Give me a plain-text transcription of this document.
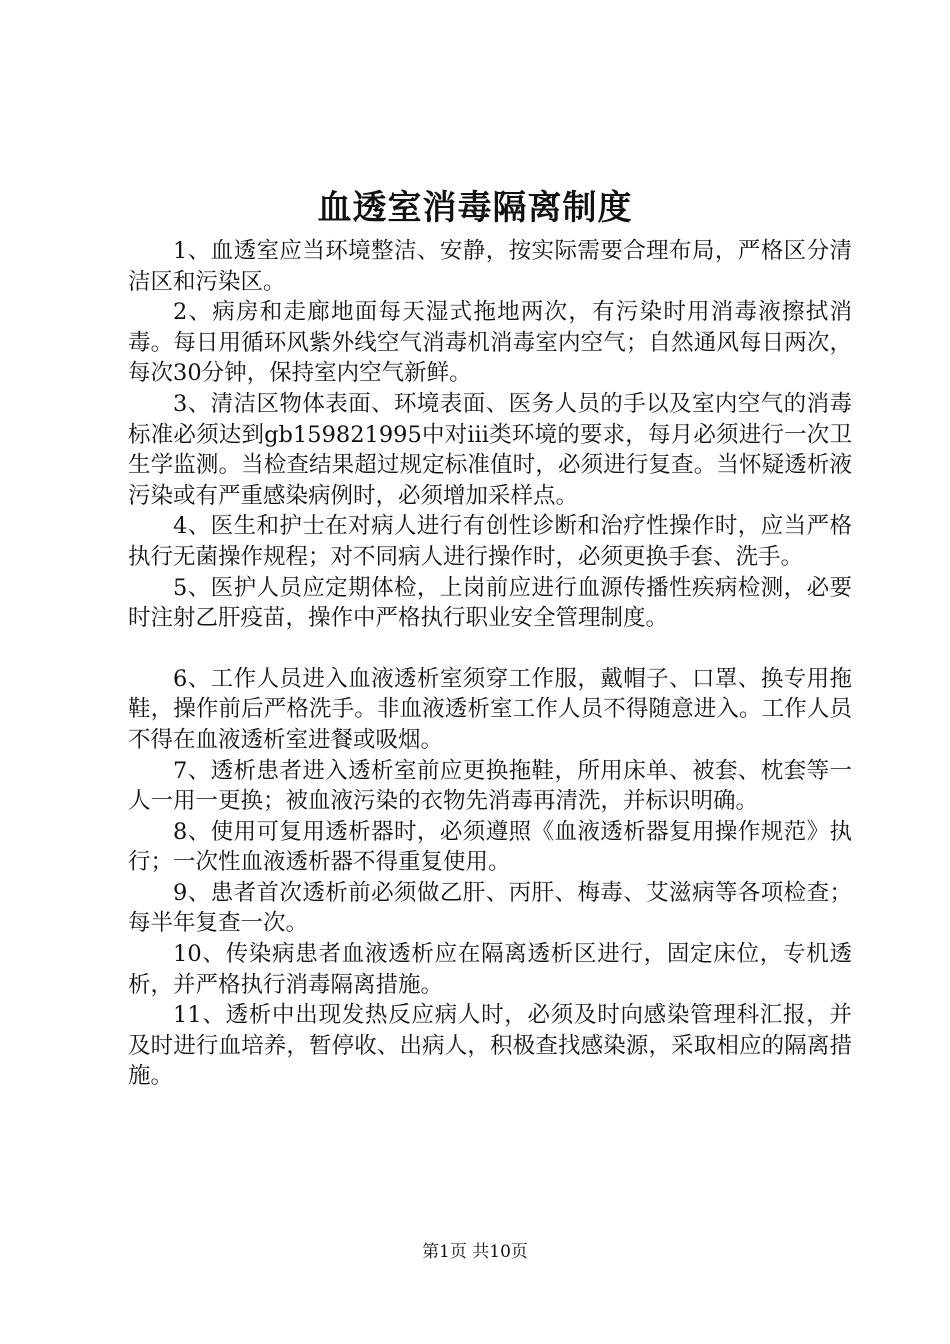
血透室消毒隔离制度

1、血透室应当环境整洁、安静，按实际需要合理布局，严格区分清洁区和污染区。

2、病房和走廊地面每天湿式拖地两次，有污染时用消毒液擦拭消毒。每日用循环风紫外线空气消毒机消毒室内空气；自然通风每日两次，每次30分钟，保持室内空气新鲜。

3、清洁区物体表面、环境表面、医务人员的手以及室内空气的消毒标准必须达到gb159821995中对iii类环境的要求，每月必须进行一次卫生学监测。当检查结果超过规定标准值时，必须进行复查。当怀疑透析液污染或有严重感染病例时，必须增加采样点。

4、医生和护士在对病人进行有创性诊断和治疗性操作时，应当严格执行无菌操作规程；对不同病人进行操作时，必须更换手套、洗手。

5、医护人员应定期体检，上岗前应进行血源传播性疾病检测，必要时注射乙肝疫苗，操作中严格执行职业安全管理制度。

6、工作人员进入血液透析室须穿工作服，戴帽子、口罩、换专用拖鞋，操作前后严格洗手。非血液透析室工作人员不得随意进入。工作人员不得在血液透析室进餐或吸烟。

7、透析患者进入透析室前应更换拖鞋，所用床单、被套、枕套等一人一用一更换；被血液污染的衣物先消毒再清洗，并标识明确。

8、使用可复用透析器时，必须遵照《血液透析器复用操作规范》执行；一次性血液透析器不得重复使用。

9、患者首次透析前必须做乙肝、丙肝、梅毒、艾滋病等各项检查；每半年复查一次。

10、传染病患者血液透析应在隔离透析区进行，固定床位，专机透析，并严格执行消毒隔离措施。

11、透析中出现发热反应病人时，必须及时向感染管理科汇报，并及时进行血培养，暂停收、出病人，积极查找感染源，采取相应的隔离措施。

第1页 共10页
